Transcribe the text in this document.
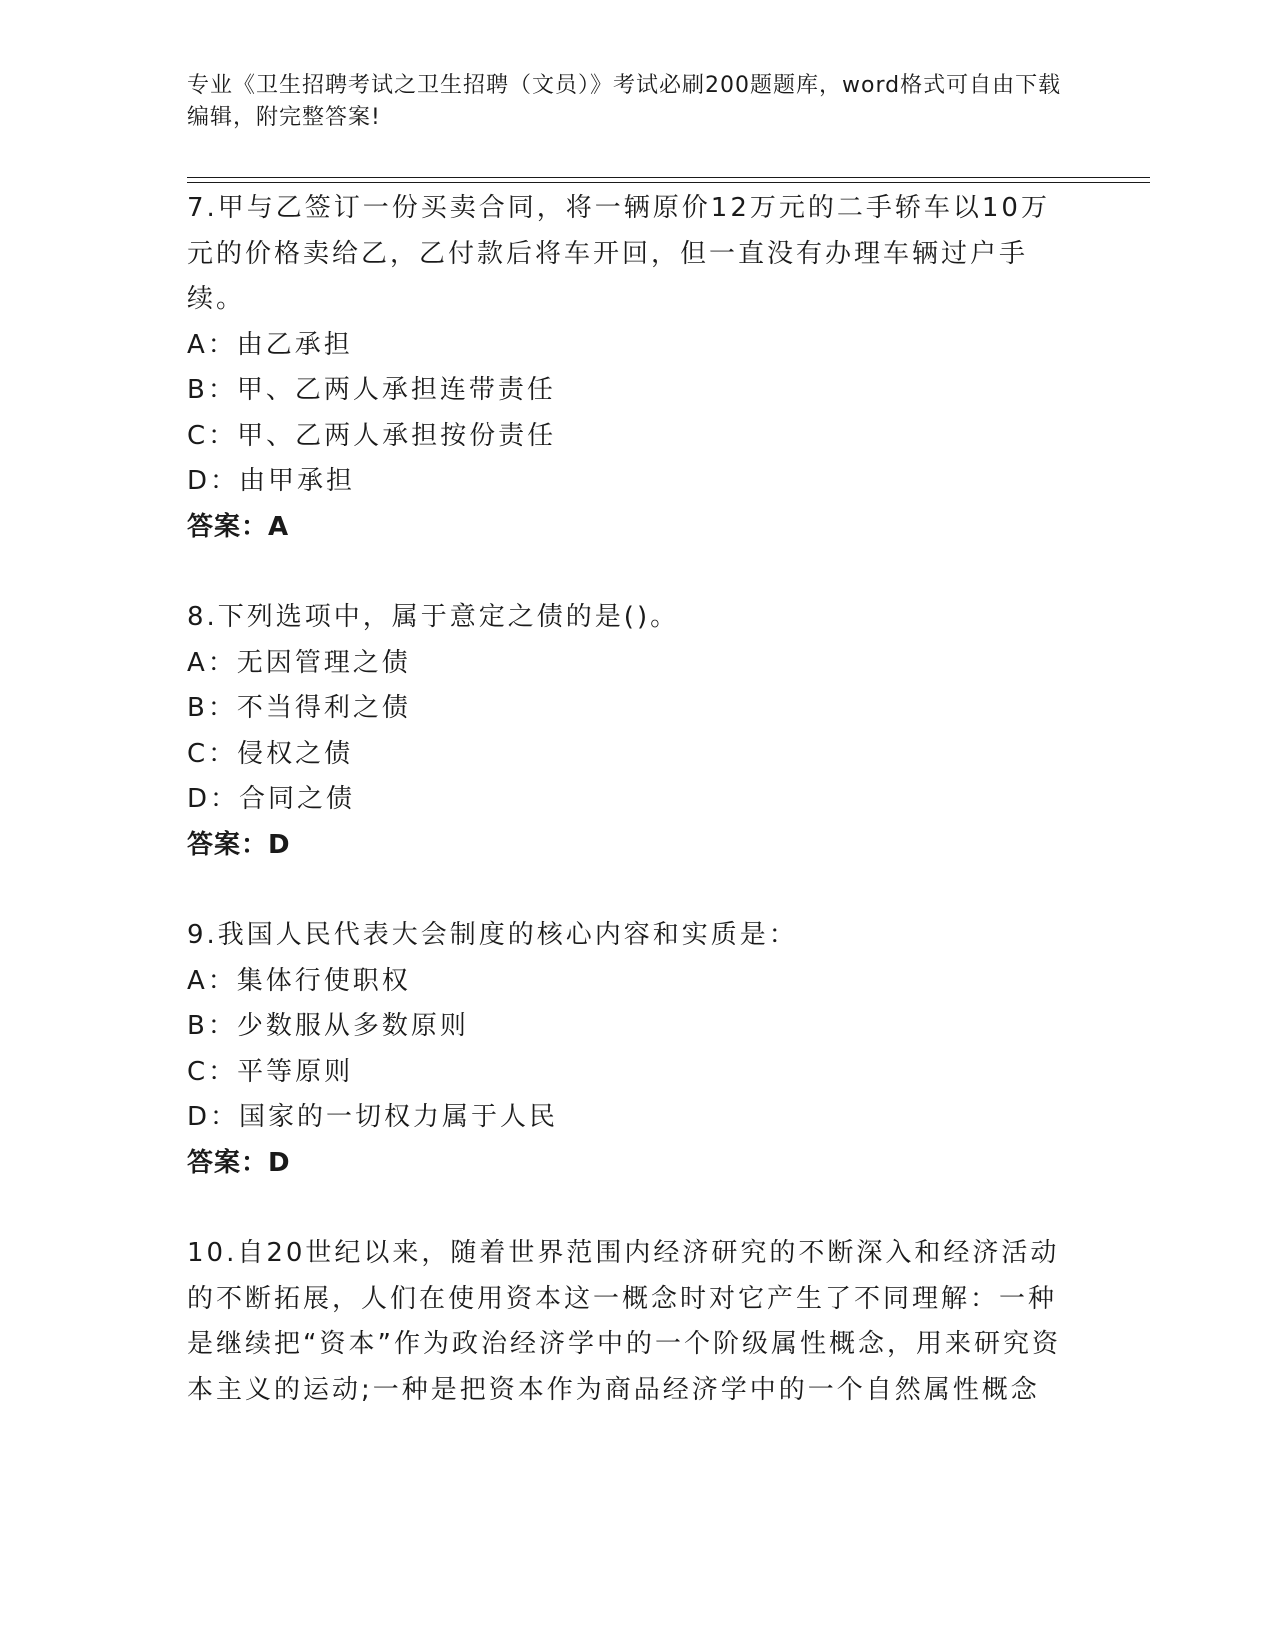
专业《卫生招聘考试之卫生招聘（文员）》考试必刷200题题库，word格式可自由下载编辑，附完整答案!

7.甲与乙签订一份买卖合同，将一辆原价12万元的二手轿车以10万元的价格卖给乙，乙付款后将车开回，但一直没有办理车辆过户手续。

A：由乙承担

B：甲、乙两人承担连带责任

C：甲、乙两人承担按份责任

D：由甲承担

答案：A

8.下列选项中，属于意定之债的是()。

A：无因管理之债

B：不当得利之债

C：侵权之债

D：合同之债

答案：D

9.我国人民代表大会制度的核心内容和实质是：

A：集体行使职权

B：少数服从多数原则

C：平等原则

D：国家的一切权力属于人民

答案：D

10.自20世纪以来，随着世界范围内经济研究的不断深入和经济活动的不断拓展，人们在使用资本这一概念时对它产生了不同理解：一种是继续把“资本”作为政治经济学中的一个阶级属性概念，用来研究资本主义的运动;一种是把资本作为商品经济学中的一个自然属性概念
